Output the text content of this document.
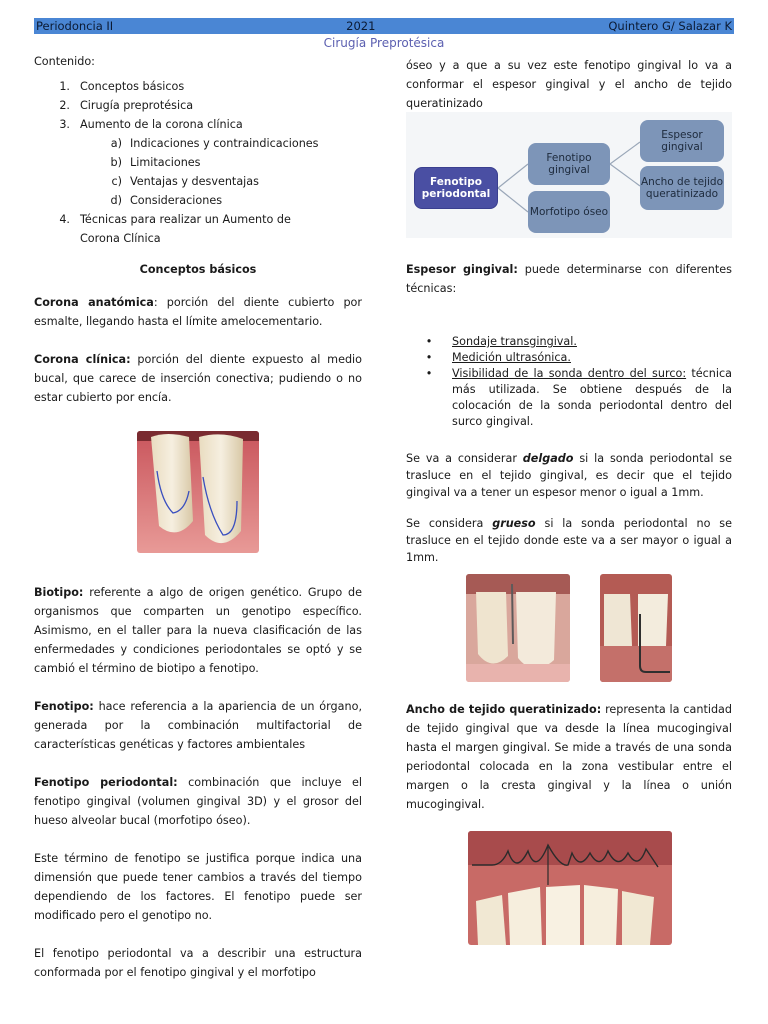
Periodoncia II	2021	Quintero G/ Salazar K
Cirugía Preprotésica
Contenido:
1. Conceptos básicos
2. Cirugía preprotésica
3. Aumento de la corona clínica
a) Indicaciones y contraindicaciones
b) Limitaciones
c) Ventajas y desventajas
d) Consideraciones
4. Técnicas para realizar un Aumento de
Corona Clínica
Conceptos básicos

Corona anatómica: porción del diente cubierto por esmalte, llegando hasta el límite amelocementario.

Corona clínica: porción del diente expuesto al medio bucal, que carece de inserción conectiva; pudiendo o no estar cubierto por encía.

Biotipo: referente a algo de origen genético. Grupo de organismos que comparten un genotipo específico. Asimismo, en el taller para la nueva clasificación de las enfermedades y condiciones periodontales se optó y se cambió el término de biotipo a fenotipo.

Fenotipo: hace referencia a la apariencia de un órgano, generada por la combinación multifactorial de características genéticas y factores ambientales

Fenotipo periodontal: combinación que incluye el fenotipo gingival (volumen gingival 3D) y el grosor del hueso alveolar bucal (morfotipo óseo).

Este término de fenotipo se justifica porque indica una dimensión que puede tener cambios a través del tiempo dependiendo de los factores. El fenotipo puede ser modificado pero el genotipo no.

El fenotipo periodontal va a describir una estructura conformada por el fenotipo gingival y el morfotipo

óseo y a que a su vez este fenotipo gingival lo va a conformar el espesor gingival y el ancho de tejido queratinizado

Fenotipo periodontal
Fenotipo gingival
Morfotipo óseo
Espesor gingival
Ancho de tejido queratinizado

Espesor gingival: puede determinarse con diferentes técnicas:

•	Sondaje transgingival.
•	Medición ultrasónica.
•	Visibilidad de la sonda dentro del surco: técnica más utilizada. Se obtiene después de la colocación de la sonda periodontal dentro del surco gingival.

Se va a considerar delgado si la sonda periodontal se trasluce en el tejido gingival, es decir que el tejido gingival va a tener un espesor menor o igual a 1mm.

Se considera grueso si la sonda periodontal no se trasluce en el tejido donde este va a ser mayor o igual a 1mm.

Ancho de tejido queratinizado: representa la cantidad de tejido gingival que va desde la línea mucogingival hasta el margen gingival. Se mide a través de una sonda periodontal colocada en la zona vestibular entre el margen o la cresta gingival y la línea o unión mucogingival.
